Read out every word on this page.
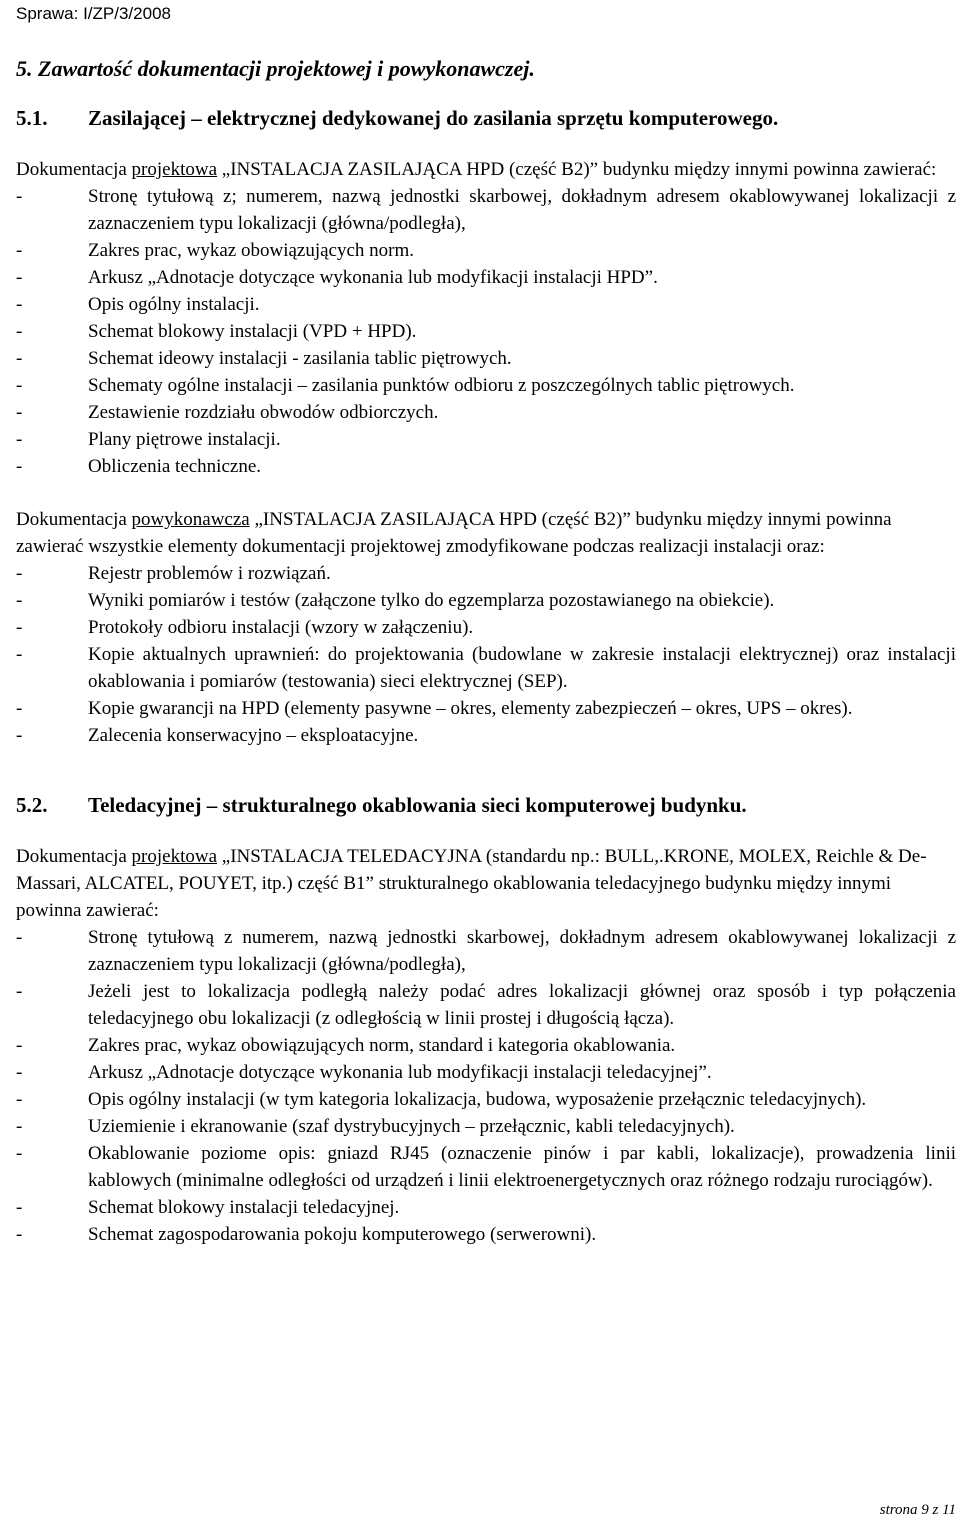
Sprawa: I/ZP/3/2008
5. Zawartość dokumentacji projektowej i powykonawczej.
5.1.	Zasilającej – elektrycznej dedykowanej do zasilania sprzętu komputerowego.

Dokumentacja projektowa „INSTALACJA ZASILAJĄCA HPD (część B2)” budynku między innymi powinna zawierać:

- Stronę tytułową z; numerem, nazwą jednostki skarbowej, dokładnym adresem okablowywanej lokalizacji z zaznaczeniem typu lokalizacji (główna/podległa),
- Zakres prac, wykaz obowiązujących norm.
- Arkusz „Adnotacje dotyczące wykonania lub modyfikacji instalacji HPD”.
- Opis ogólny instalacji.
- Schemat blokowy instalacji (VPD + HPD).
- Schemat ideowy instalacji - zasilania tablic piętrowych.
- Schematy ogólne instalacji – zasilania punktów odbioru z poszczególnych tablic piętrowych.
- Zestawienie rozdziału obwodów odbiorczych.
- Plany piętrowe instalacji.
- Obliczenia techniczne.

Dokumentacja powykonawcza „INSTALACJA ZASILAJĄCA HPD (część B2)” budynku między innymi powinna zawierać wszystkie elementy dokumentacji projektowej zmodyfikowane podczas realizacji instalacji oraz:

- Rejestr problemów i rozwiązań.
- Wyniki pomiarów i testów (załączone tylko do egzemplarza pozostawianego na obiekcie).
- Protokoły odbioru instalacji (wzory w załączeniu).
- Kopie aktualnych uprawnień: do projektowania (budowlane w zakresie instalacji elektrycznej) oraz instalacji okablowania i pomiarów (testowania) sieci elektrycznej (SEP).
- Kopie gwarancji na HPD (elementy pasywne – okres, elementy zabezpieczeń – okres, UPS – okres).
- Zalecenia konserwacyjno – eksploatacyjne.
5.2.	Teledacyjnej – strukturalnego okablowania sieci komputerowej budynku.

Dokumentacja projektowa „INSTALACJA TELEDACYJNA (standardu np.: BULL,.KRONE, MOLEX, Reichle & De-Massari, ALCATEL, POUYET, itp.) część B1” strukturalnego okablowania teledacyjnego budynku między innymi powinna zawierać:

- Stronę tytułową z numerem, nazwą jednostki skarbowej, dokładnym adresem okablowywanej lokalizacji z zaznaczeniem typu lokalizacji (główna/podległa),
- Jeżeli jest to lokalizacja podległą należy podać adres lokalizacji głównej oraz sposób i typ połączenia teledacyjnego obu lokalizacji (z odległością w linii prostej i długością łącza).
- Zakres prac, wykaz obowiązujących norm, standard i kategoria okablowania.
- Arkusz „Adnotacje dotyczące wykonania lub modyfikacji instalacji teledacyjnej”.
- Opis ogólny instalacji (w tym kategoria lokalizacja, budowa, wyposażenie przełącznic teledacyjnych).
- Uziemienie i ekranowanie (szaf dystrybucyjnych – przełącznic, kabli teledacyjnych).
- Okablowanie poziome opis: gniazd RJ45 (oznaczenie pinów i par kabli, lokalizacje), prowadzenia linii kablowych (minimalne odległości od urządzeń i linii elektroenergetycznych oraz różnego rodzaju rurociągów).
- Schemat blokowy instalacji teledacyjnej.
- Schemat zagospodarowania pokoju komputerowego (serwerowni).
strona 9 z 11
